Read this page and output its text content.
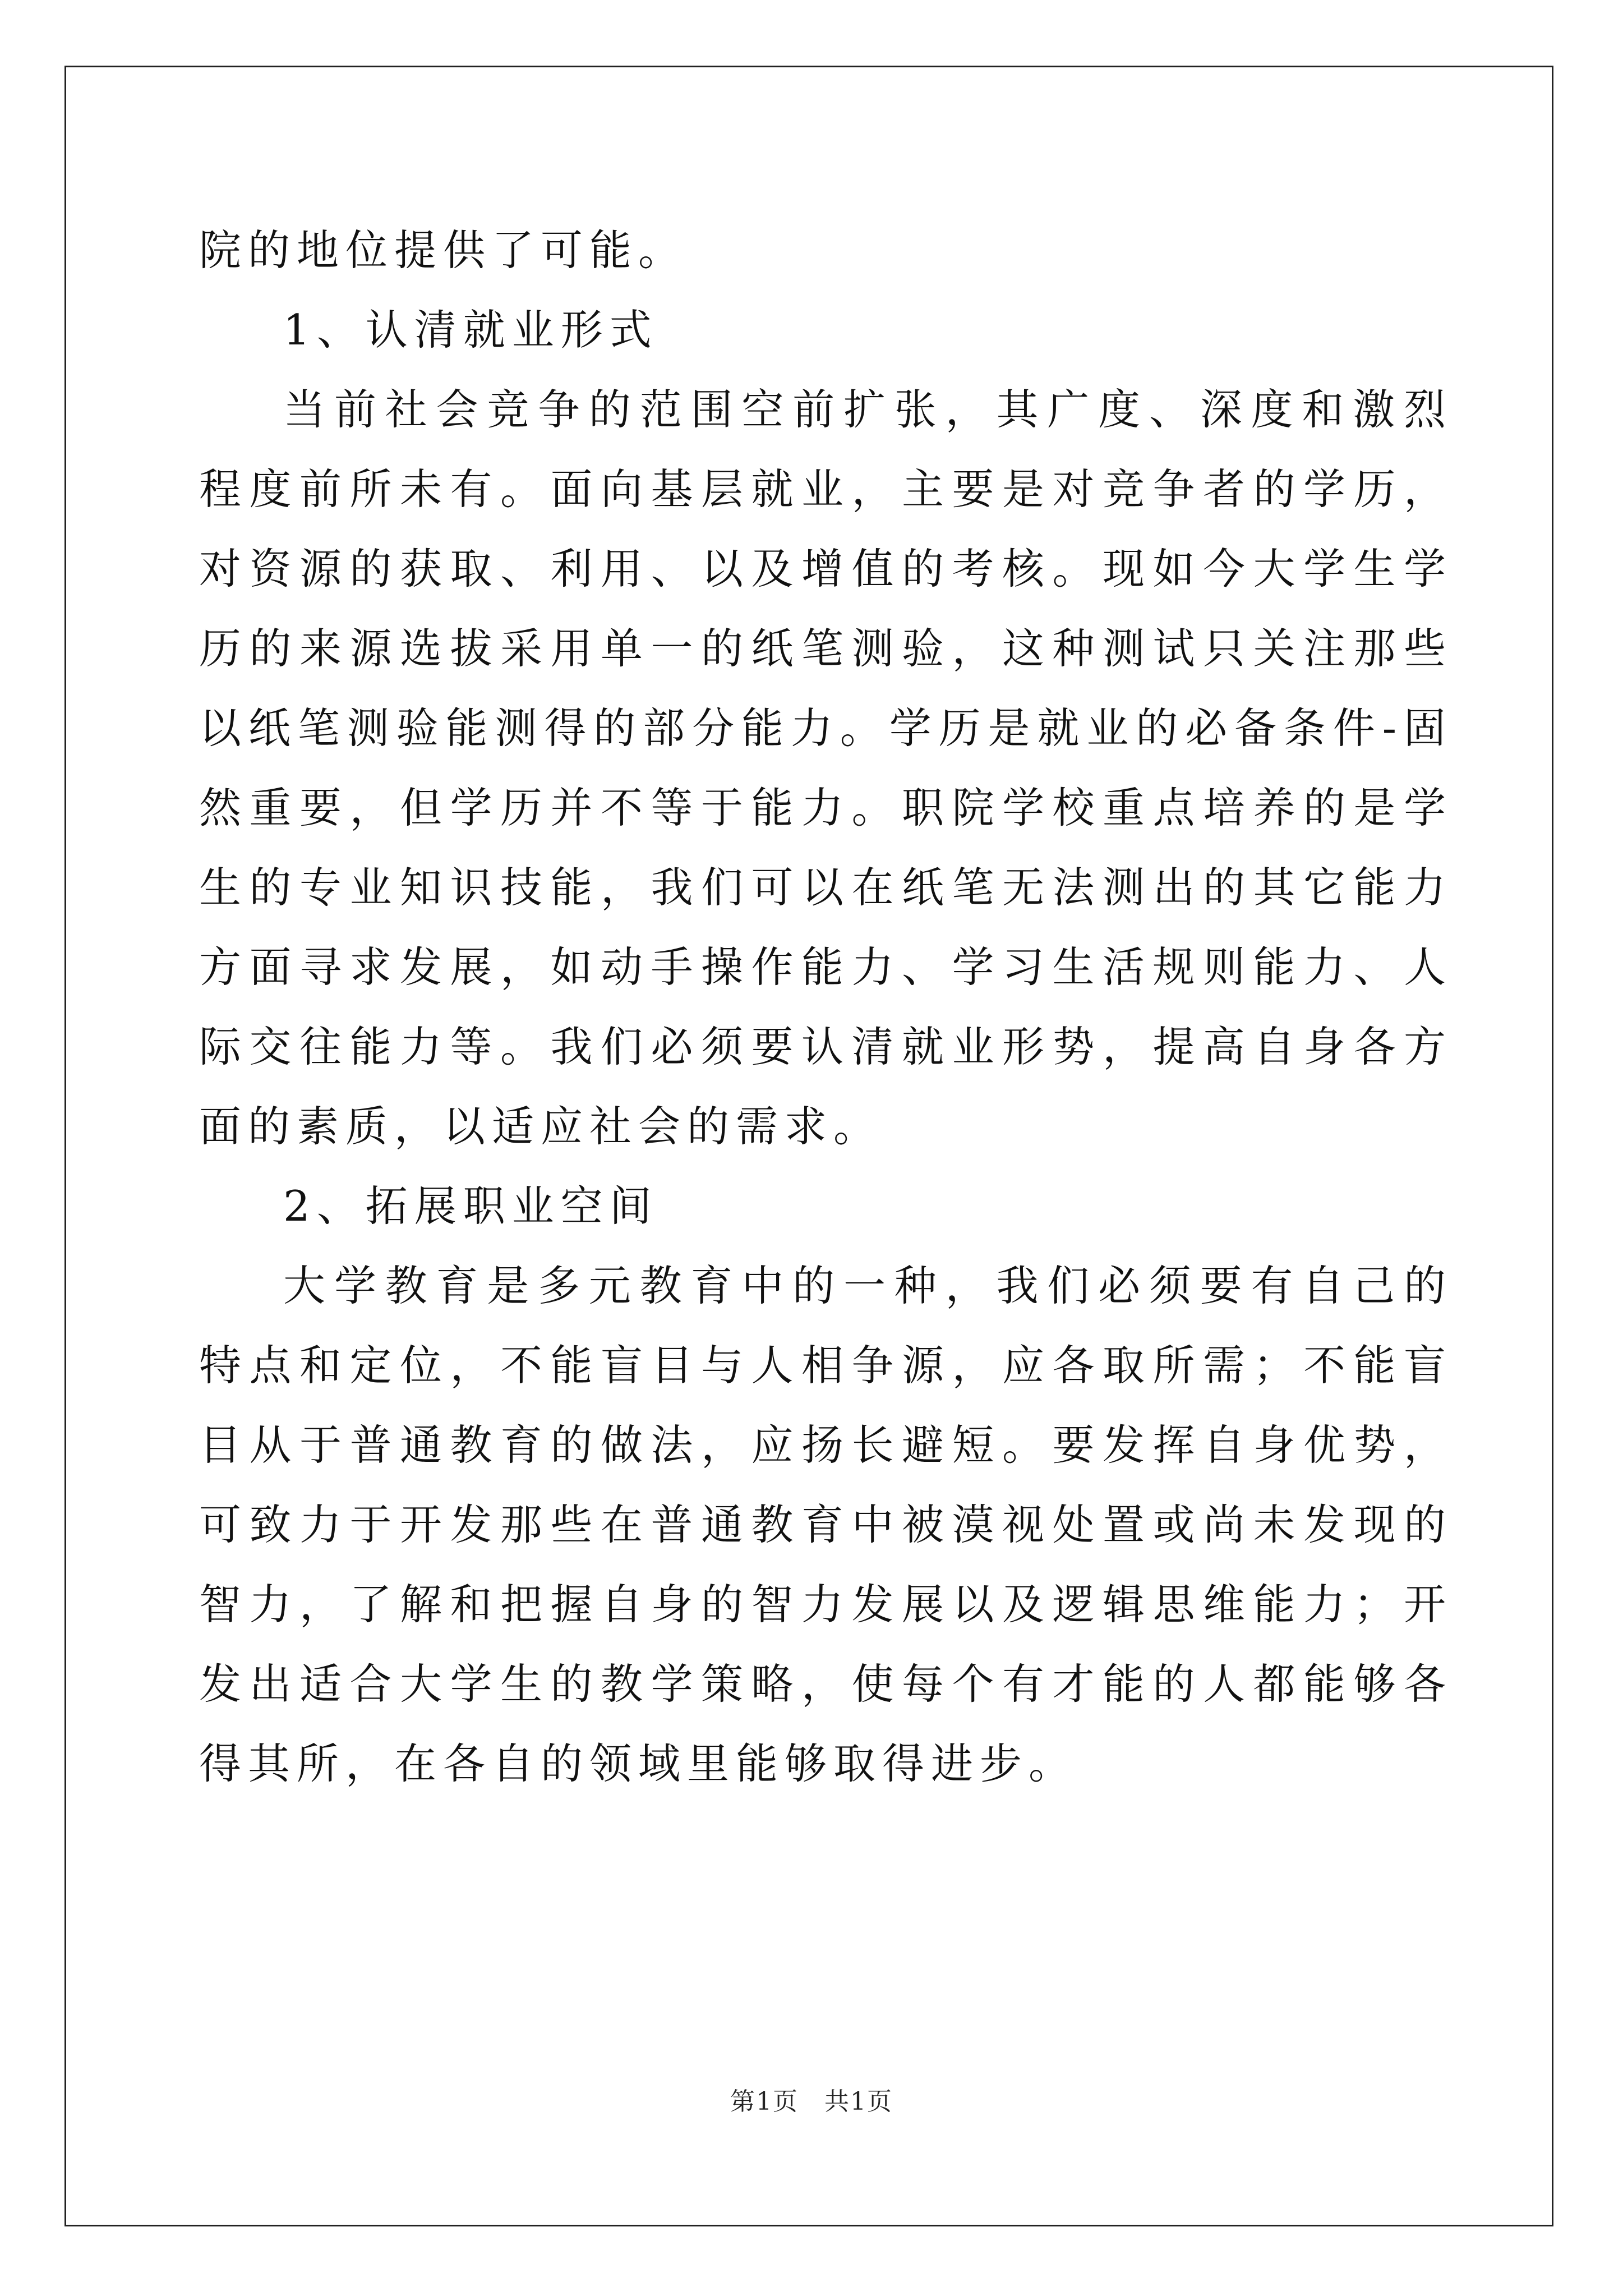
院的地位提供了可能。

1、认清就业形式

当前社会竞争的范围空前扩张，其广度、深度和激烈程度前所未有。面向基层就业，主要是对竞争者的学历，对资源的获取、利用、以及增值的考核。现如今大学生学历的来源选拔采用单一的纸笔测验，这种测试只关注那些以纸笔测验能测得的部分能力。学历是就业的必备条件-固然重要，但学历并不等于能力。职院学校重点培养的是学生的专业知识技能，我们可以在纸笔无法测出的其它能力方面寻求发展，如动手操作能力、学习生活规则能力、人际交往能力等。我们必须要认清就业形势，提高自身各方面的素质，以适应社会的需求。

2、拓展职业空间

大学教育是多元教育中的一种，我们必须要有自己的特点和定位，不能盲目与人相争源，应各取所需；不能盲目从于普通教育的做法，应扬长避短。要发挥自身优势，可致力于开发那些在普通教育中被漠视处置或尚未发现的智力，了解和把握自身的智力发展以及逻辑思维能力；开发出适合大学生的教学策略，使每个有才能的人都能够各得其所，在各自的领域里能够取得进步。

第1页 共1页
